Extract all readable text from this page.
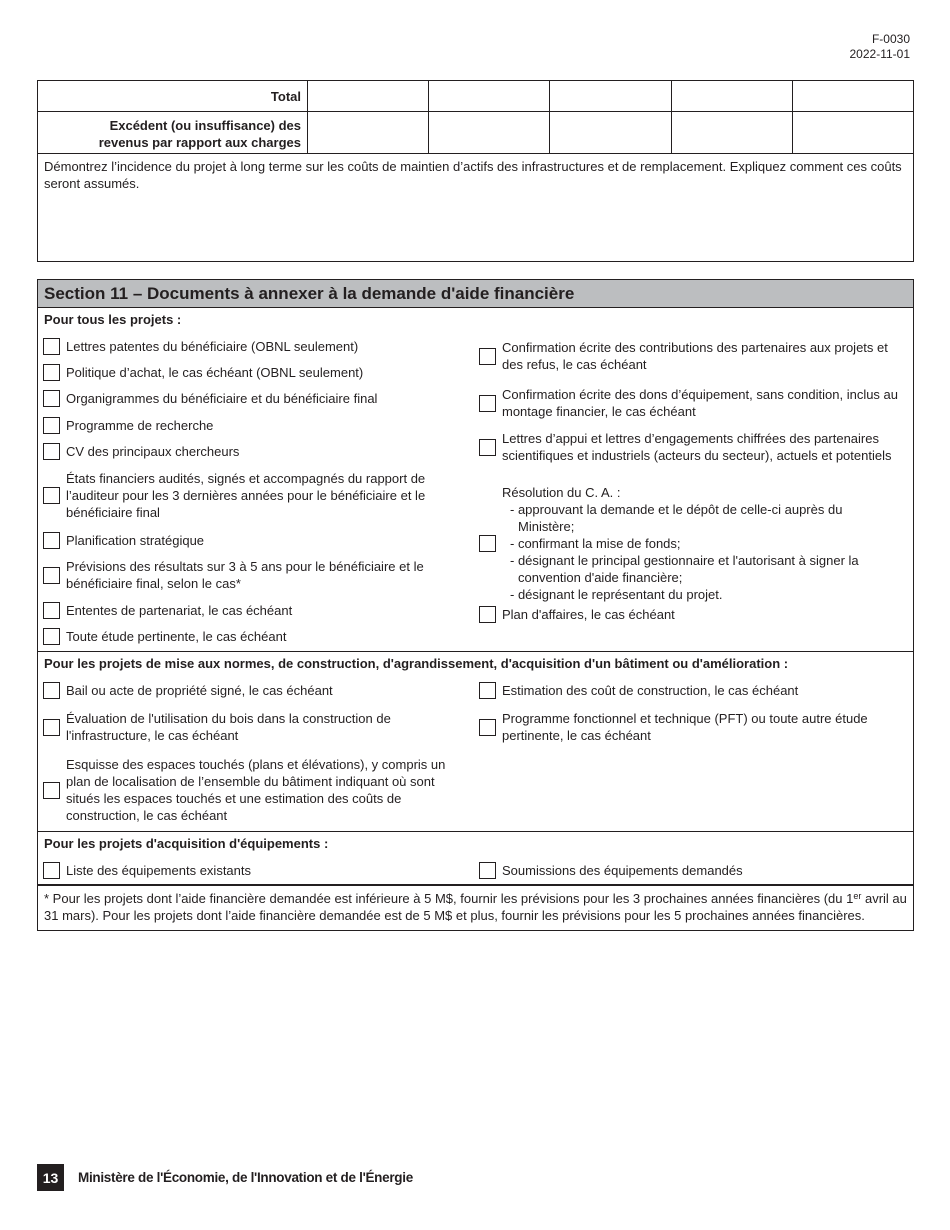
F-0030
2022-11-01
Total
Excédent (ou insuffisance) des
revenus par rapport aux charges
Démontrez l’incidence du projet à long terme sur les coûts de maintien d’actifs des infrastructures et de remplacement. Expliquez comment ces coûts seront assumés.
Section 11 – Documents à annexer à la demande d'aide financière
Pour tous les projets :
Lettres patentes du bénéficiaire (OBNL seulement)
Politique d’achat, le cas échéant (OBNL seulement)
Organigrammes du bénéficiaire et du bénéficiaire final
Programme de recherche
CV des principaux chercheurs
États financiers audités, signés et accompagnés du rapport de l’auditeur pour les 3 dernières années pour le bénéficiaire et le bénéficiaire final
Planification stratégique
Prévisions des résultats sur 3 à 5 ans pour le bénéficiaire et le bénéficiaire final, selon le cas*
Ententes de partenariat, le cas échéant
Toute étude pertinente, le cas échéant
Confirmation écrite des contributions des partenaires aux projets et des refus, le cas échéant
Confirmation écrite des dons d’équipement, sans condition, inclus au montage financier, le cas échéant
Lettres d’appui et lettres d’engagements chiffrées des partenaires scientifiques et industriels (acteurs du secteur), actuels et potentiels
Résolution du C. A. :
- approuvant la demande et le dépôt de celle-ci auprès du
Ministère;
- confirmant la mise de fonds;
- désignant le principal gestionnaire et l'autorisant à signer la
convention d'aide financière;
- désignant le représentant du projet.
Plan d'affaires, le cas échéant
Pour les projets de mise aux normes, de construction, d'agrandissement, d'acquisition d'un bâtiment ou d'amélioration :
Bail ou acte de propriété signé, le cas échéant
Évaluation de l'utilisation du bois dans la construction de l'infrastructure, le cas échéant
Esquisse des espaces touchés (plans et élévations), y compris un plan de localisation de l’ensemble du bâtiment indiquant où sont situés les espaces touchés et une estimation des coûts de construction, le cas échéant
Estimation des coût de construction, le cas échéant
Programme fonctionnel et technique (PFT) ou toute autre étude pertinente, le cas échéant
Pour les projets d'acquisition d'équipements :
Liste des équipements existants	Soumissions des équipements demandés
* Pour les projets dont l’aide financière demandée est inférieure à 5 M$, fournir les prévisions pour les 3 prochaines années financières (du 1er avril au 31 mars). Pour les projets dont l’aide financière demandée est de 5 M$ et plus, fournir les prévisions pour les 5 prochaines années financières.
13	Ministère de l'Économie, de l'Innovation et de l'Énergie
